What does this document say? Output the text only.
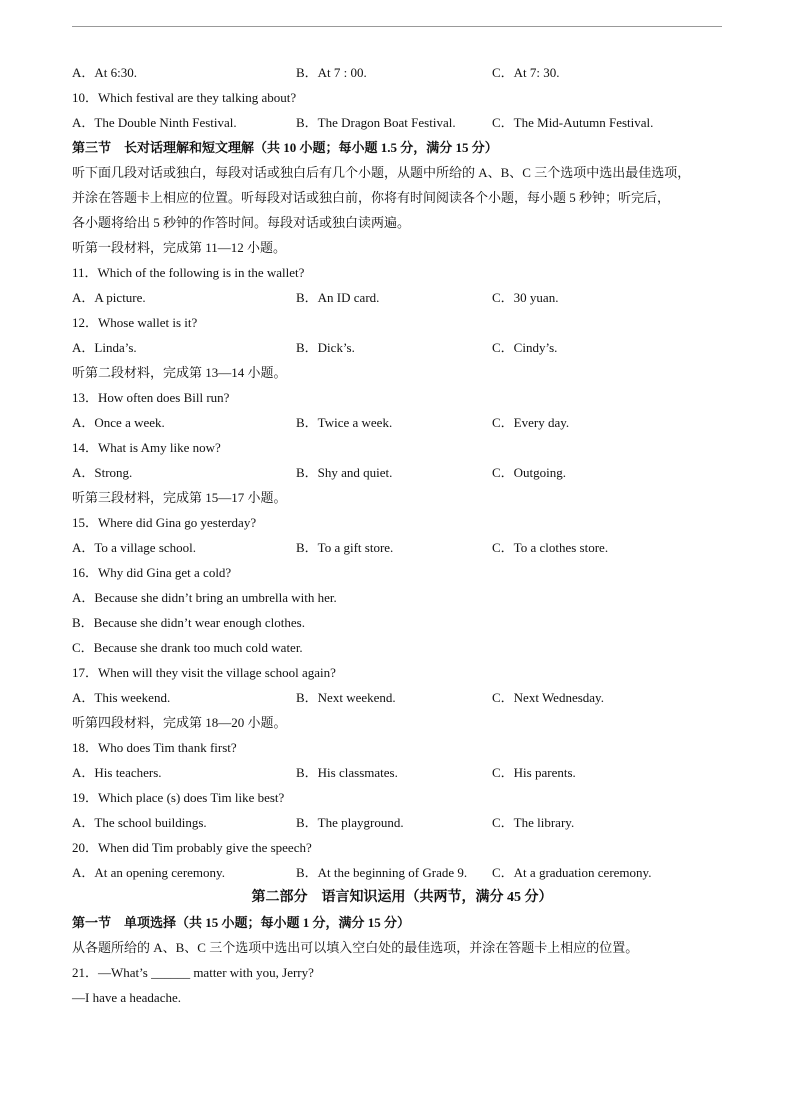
A．At 6:30.	B．At 7 : 00.	C．At 7: 30.
10．Which festival are they talking about?
A．The Double Ninth Festival.	B．The Dragon Boat Festival.	C．The Mid-Autumn Festival.
第三节　长对话理解和短文理解（共 10 小题；每小题 1.5 分，满分 15 分）
听下面几段对话或独白，每段对话或独白后有几个小题，从题中所给的 A、B、C 三个选项中选出最佳选项，
并涂在答题卡上相应的位置。听每段对话或独白前，你将有时间阅读各个小题，每小题 5 秒钟；听完后，
各小题将给出 5 秒钟的作答时间。每段对话或独白读两遍。
听第一段材料，完成第 11—12 小题。
11．Which of the following is in the wallet?
A．A picture.	B．An ID card.	C．30 yuan.
12．Whose wallet is it?
A．Linda’s.	B．Dick’s.	C．Cindy’s.
听第二段材料，完成第 13—14 小题。
13．How often does Bill run?
A．Once a week.	B．Twice a week.	C．Every day.
14．What is Amy like now?
A．Strong.	B．Shy and quiet.	C．Outgoing.
听第三段材料，完成第 15—17 小题。
15．Where did Gina go yesterday?
A．To a village school.	B．To a gift store.	C．To a clothes store.
16．Why did Gina get a cold?
A．Because she didn’t bring an umbrella with her.
B．Because she didn’t wear enough clothes.
C．Because she drank too much cold water.
17．When will they visit the village school again?
A．This weekend.	B．Next weekend.	C．Next Wednesday.
听第四段材料，完成第 18—20 小题。
18．Who does Tim thank first?
A．His teachers.	B．His classmates.	C．His parents.
19．Which place (s) does Tim like best?
A．The school buildings.	B．The playground.	C．The library.
20．When did Tim probably give the speech?
A．At an opening ceremony.	B．At the beginning of Grade 9.	C．At a graduation ceremony.
第二部分　语言知识运用（共两节，满分 45 分）
第一节　单项选择（共 15 小题；每小题 1 分，满分 15 分）
从各题所给的 A、B、C 三个选项中选出可以填入空白处的最佳选项，并涂在答题卡上相应的位置。
21．—What’s ______ matter with you, Jerry?
—I have a headache.
